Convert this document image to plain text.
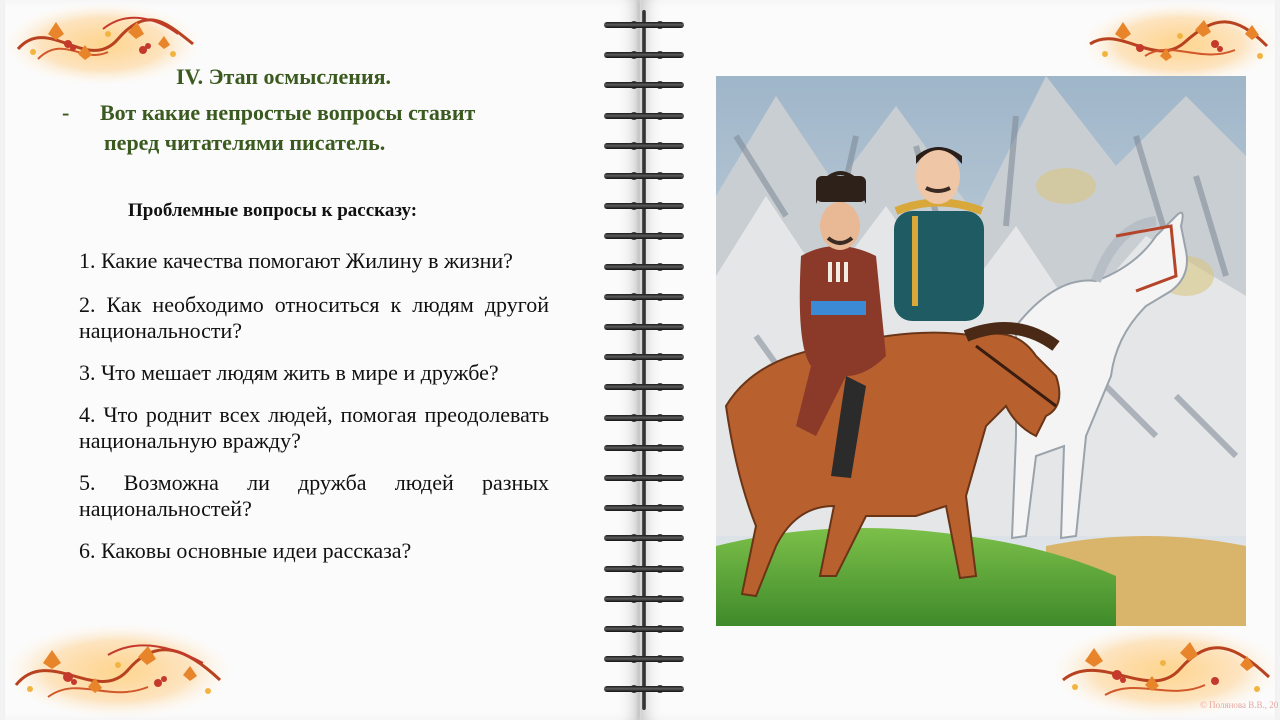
IV. Этап осмысления.
- Вот какие непростые вопросы ставит
перед читателями писатель.
Проблемные вопросы к рассказу:
1. Какие качества помогают Жилину в жизни?
2. Как необходимо относиться к людям другой национальности?
3. Что мешает людям жить в мире и дружбе?
4. Что роднит всех людей, помогая преодолевать национальную вражду?
5. Возможна ли дружба людей разных национальностей?
6. Каковы основные идеи рассказа?
© Полянова В.В., 20
